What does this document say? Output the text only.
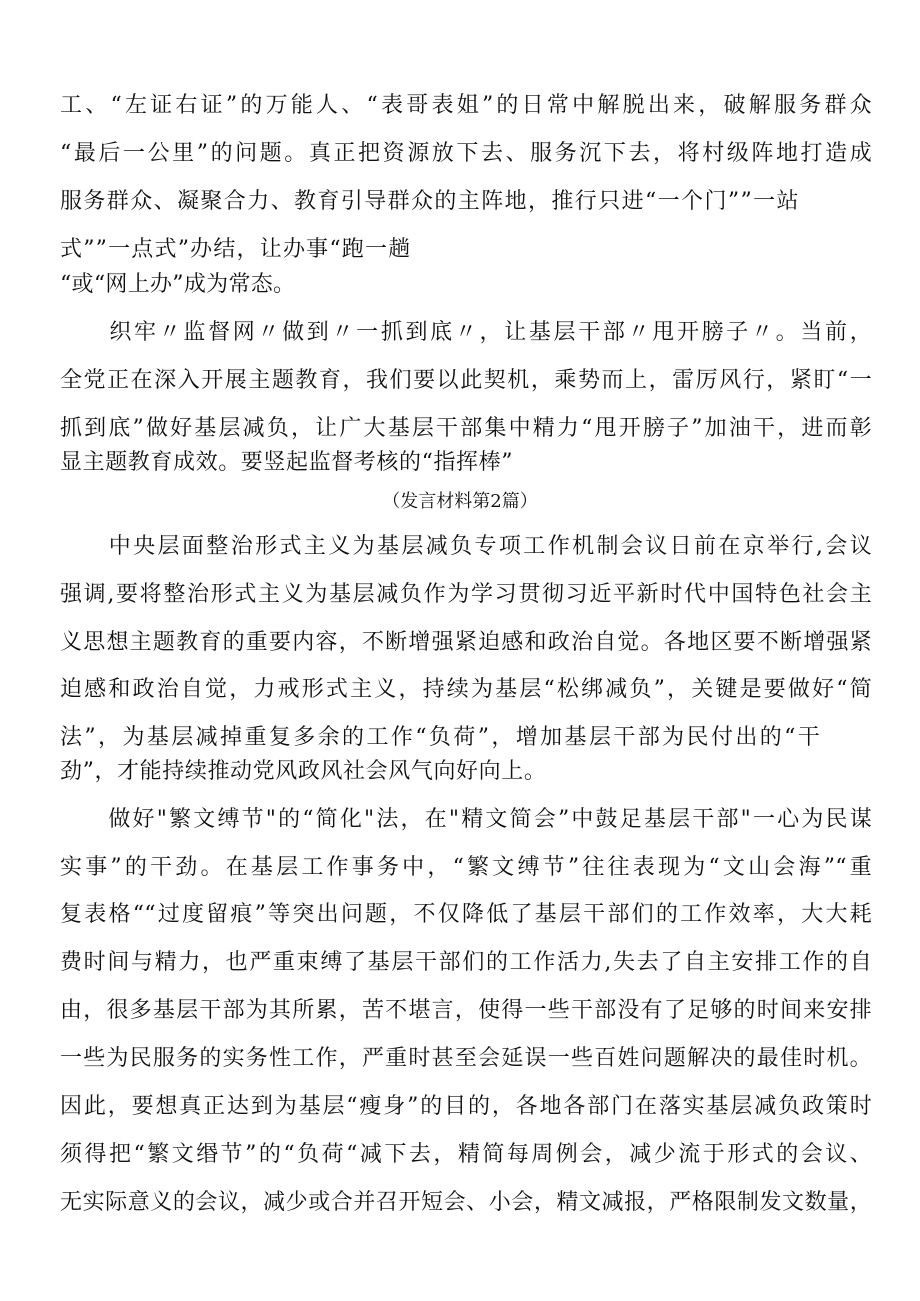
工、“左证右证”的万能人、“表哥表姐”的日常中解脱出来，破解服务群众
“最后一公里”的问题。真正把资源放下去、服务沉下去，将村级阵地打造成
服务群众、凝聚合力、教育引导群众的主阵地，推行只进“一个门””一站
式””一点式”办结，让办事“跑一趟
“或“网上办”成为常态。
　　织牢〃监督网〃做到〃一抓到底〃，让基层干部〃甩开膀子〃。当前，
全党正在深入开展主题教育，我们要以此契机，乘势而上，雷厉风行，紧盯“一
抓到底”做好基层减负，让广大基层干部集中精力“甩开膀子”加油干，进而彰
显主题教育成效。要竖起监督考核的“指挥棒”
（发言材料第2篇）
　　中央层面整治形式主义为基层减负专项工作机制会议日前在京举行,会议
强调,要将整治形式主义为基层减负作为学习贯彻习近平新时代中国特色社会主
义思想主题教育的重要内容，不断增强紧迫感和政治自觉。各地区要不断增强紧
迫感和政治自觉，力戒形式主义，持续为基层“松绑减负”，关键是要做好“简
法”，为基层减掉重复多余的工作“负荷”，增加基层干部为民付出的“干
劲”，才能持续推动党风政风社会风气向好向上。
　　做好"繁文缚节"的“简化"法，在"精文简会”中鼓足基层干部"一心为民谋
实事”的干劲。在基层工作事务中，“繁文缚节”往往表现为“文山会海”“重
复表格““过度留痕”等突出问题，不仅降低了基层干部们的工作效率，大大耗
费时间与精力，也严重束缚了基层干部们的工作活力,失去了自主安排工作的自
由，很多基层干部为其所累，苦不堪言，使得一些干部没有了足够的时间来安排
一些为民服务的实务性工作，严重时甚至会延误一些百姓问题解决的最佳时机。
因此，要想真正达到为基层“瘦身”的目的，各地各部门在落实基层减负政策时
须得把“繁文缗节”的“负荷“减下去，精简每周例会，减少流于形式的会议、
无实际意义的会议，减少或合并召开短会、小会，精文减报，严格限制发文数量，
